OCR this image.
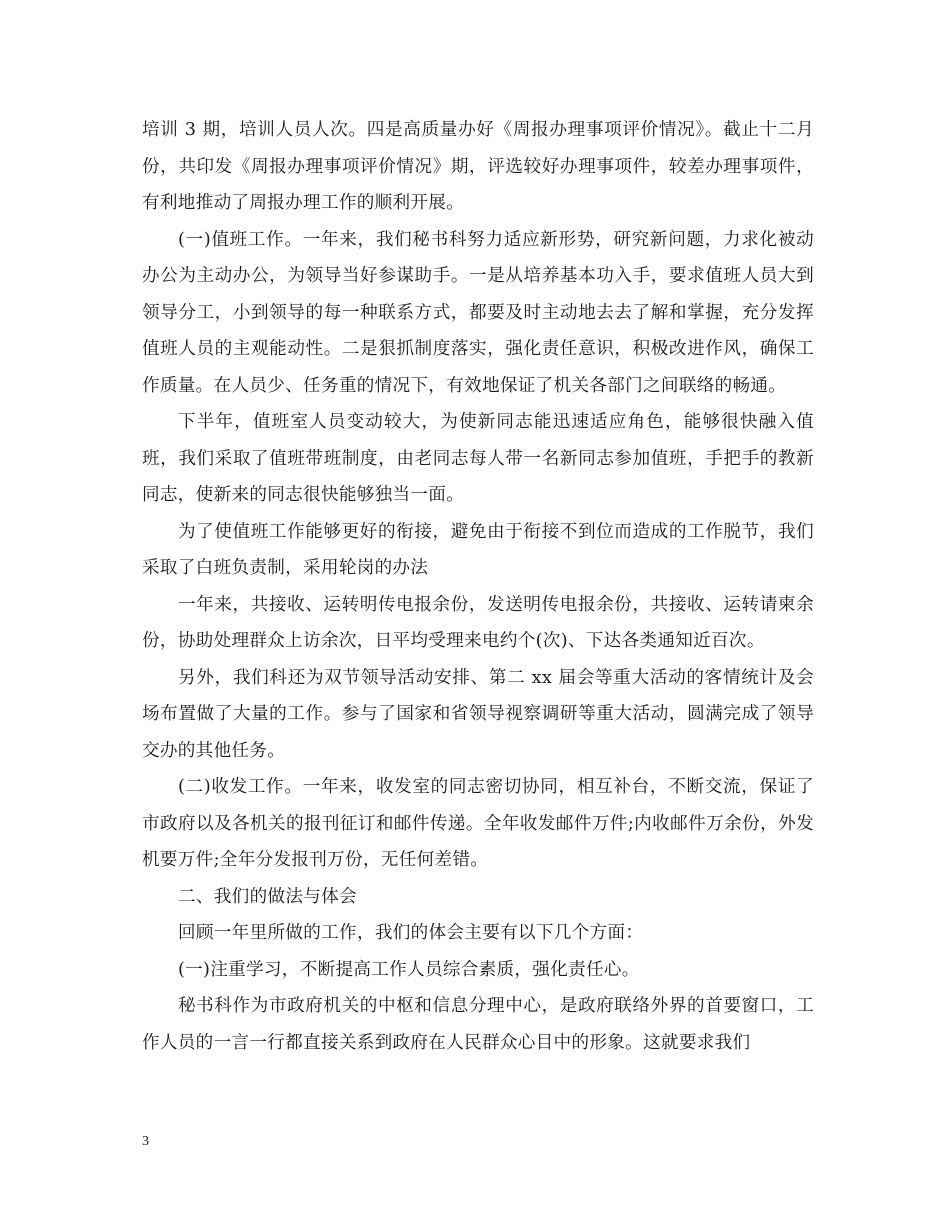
培训 3 期，培训人员人次。四是高质量办好《周报办理事项评价情况》。截止十二月份，共印发《周报办理事项评价情况》期，评选较好办理事项件，较差办理事项件，有利地推动了周报办理工作的顺利开展。

(一)值班工作。一年来，我们秘书科努力适应新形势，研究新问题，力求化被动办公为主动办公，为领导当好参谋助手。一是从培养基本功入手，要求值班人员大到领导分工，小到领导的每一种联系方式，都要及时主动地去去了解和掌握，充分发挥值班人员的主观能动性。二是狠抓制度落实，强化责任意识，积极改进作风，确保工作质量。在人员少、任务重的情况下，有效地保证了机关各部门之间联络的畅通。

下半年，值班室人员变动较大，为使新同志能迅速适应角色，能够很快融入值班，我们采取了值班带班制度，由老同志每人带一名新同志参加值班，手把手的教新同志，使新来的同志很快能够独当一面。

为了使值班工作能够更好的衔接，避免由于衔接不到位而造成的工作脱节，我们采取了白班负责制，采用轮岗的办法

一年来，共接收、运转明传电报余份，发送明传电报余份，共接收、运转请柬余份，协助处理群众上访余次，日平均受理来电约个(次)、下达各类通知近百次。

另外，我们科还为双节领导活动安排、第二 xx 届会等重大活动的客情统计及会场布置做了大量的工作。参与了国家和省领导视察调研等重大活动，圆满完成了领导交办的其他任务。

(二)收发工作。一年来，收发室的同志密切协同，相互补台，不断交流，保证了市政府以及各机关的报刊征订和邮件传递。全年收发邮件万件;内收邮件万余份，外发机要万件;全年分发报刊万份，无任何差错。

二、我们的做法与体会

回顾一年里所做的工作，我们的体会主要有以下几个方面：

(一)注重学习，不断提高工作人员综合素质，强化责任心。

秘书科作为市政府机关的中枢和信息分理中心，是政府联络外界的首要窗口，工作人员的一言一行都直接关系到政府在人民群众心目中的形象。这就要求我们

3
